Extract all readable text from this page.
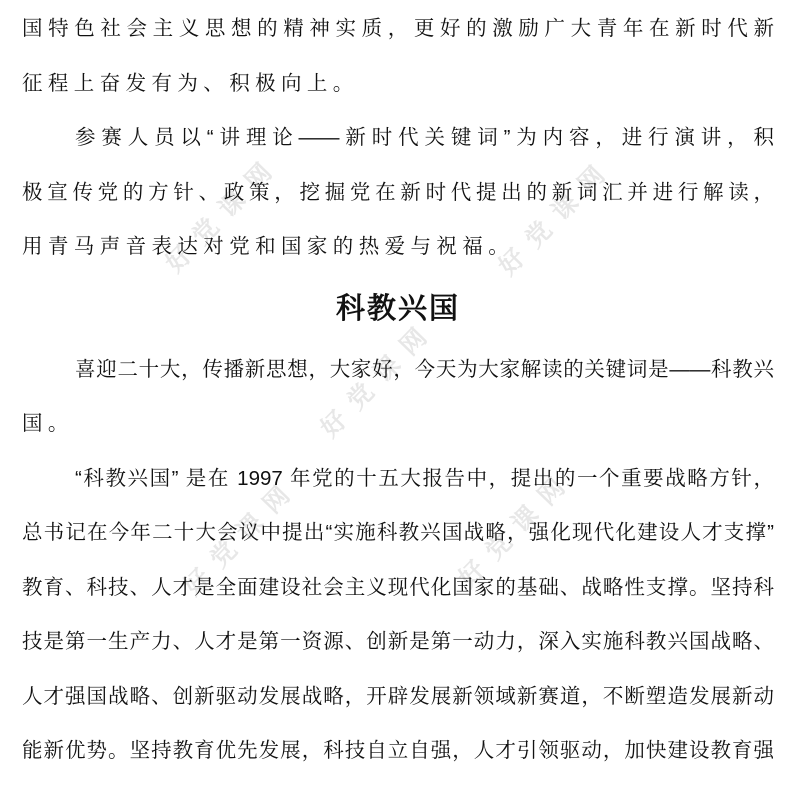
好党课网	好党课网
好党课网
好党课网	好党课网
国特色社会主义思想的精神实质，更好的激励广大青年在新时代新
征程上奋发有为、积极向上。
参赛人员以“讲理论——新时代关键词”为内容，进行演讲，积
极宣传党的方针、政策，挖掘党在新时代提出的新词汇并进行解读，
用青马声音表达对党和国家的热爱与祝福。
科教兴国
喜迎二十大，传播新思想，大家好，今天为大家解读的关键词是——科教兴
国。
“科教兴国” 是在 1997 年党的十五大报告中，提出的一个重要战略方针，
总书记在今年二十大会议中提出“实施科教兴国战略，强化现代化建设人才支撑”
教育、科技、人才是全面建设社会主义现代化国家的基础、战略性支撑。坚持科
技是第一生产力、人才是第一资源、创新是第一动力，深入实施科教兴国战略、
人才强国战略、创新驱动发展战略，开辟发展新领域新赛道，不断塑造发展新动
能新优势。坚持教育优先发展，科技自立自强，人才引领驱动，加快建设教育强
